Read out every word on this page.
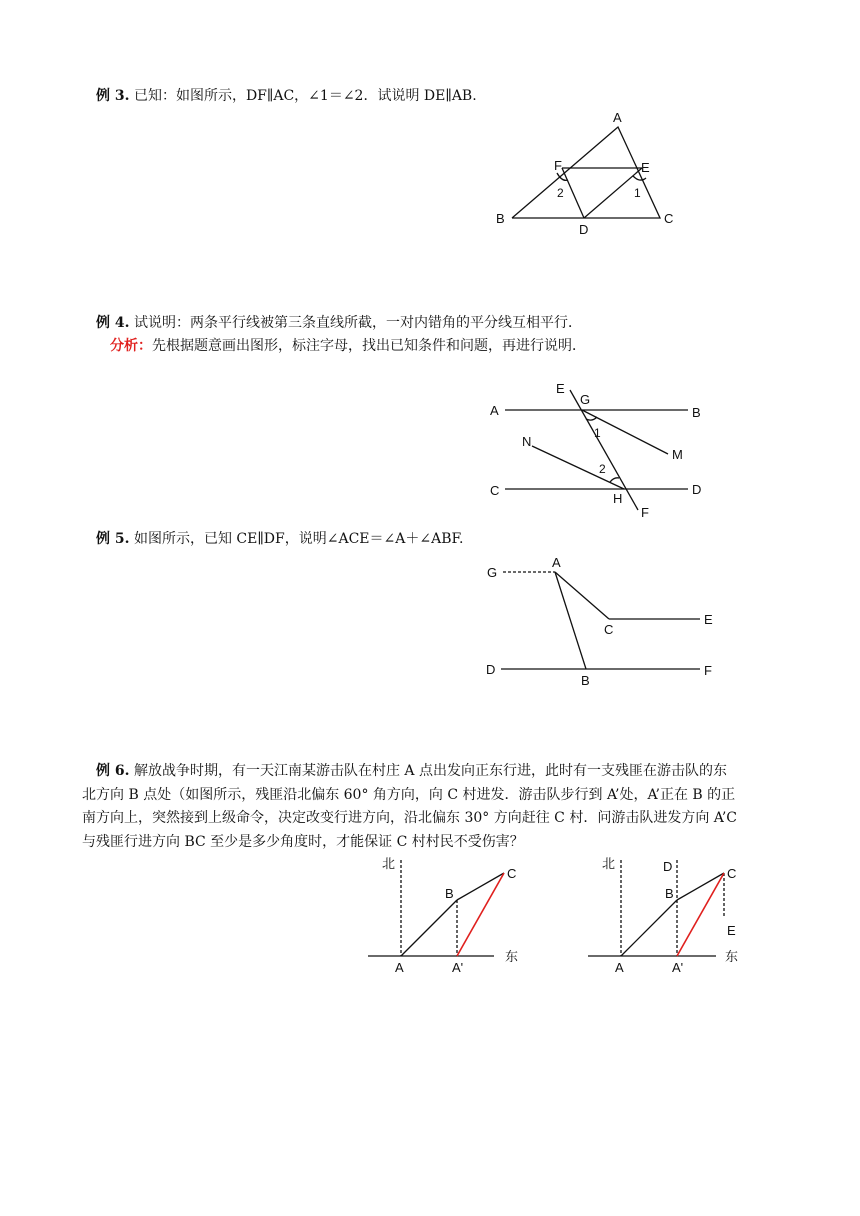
例 3. 已知：如图所示，DF∥AC，∠1＝∠2．试说明 DE∥AB.
A
B	C
D
E
F
1
2
例 4. 试说明：两条平行线被第三条直线所截，一对内错角的平分线互相平行．
分析：先根据题意画出图形，标注字母，找出已知条件和问题，再进行说明．
A	B
C	D
E
F
G
H
M
N
1
2
例 5. 如图所示，已知 CE∥DF，说明∠ACE＝∠A＋∠ABF.
A
B
C
D
E
F
G
例 6. 解放战争时期，有一天江南某游击队在村庄 A 点出发向正东行进，此时有一支残匪在游击队的东
北方向 B 点处（如图所示，残匪沿北偏东 60° 角方向，向 C 村进发．游击队步行到 A’处，A’正在 B 的正
南方向上，突然接到上级命令，决定改变行进方向，沿北偏东 30° 方向赶往 C 村．问游击队进发方向 A’C
与残匪行进方向 BC 至少是多少角度时，才能保证 C 村村民不受伤害？
北
东
A	A'
B
C
北
东
A	A'
B
C
D
E
